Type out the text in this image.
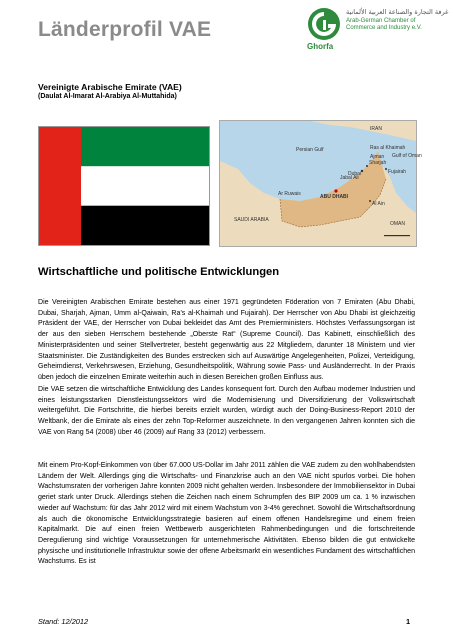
Länderprofil VAE
Ghorfa
غرفة التجارة والصناعة العربية الألمانية
Arab-German Chamber of Commerce and Industry e.V.
Vereinigte Arabische Emirate (VAE)
(Daulat Al-Imarat Al-Arabiya Al-Muttahida)
Persian Gulf
IRAN
ABU DHABI
Dubai
Sharjah
Ajman
Ras al Khaimah
Fujairah
Gulf of Oman
Al Ain
Jabal Ali
Ar Ruwais
SAUDI ARABIA
OMAN
Wirtschaftliche und politische Entwicklungen

Die Vereinigten Arabischen Emirate bestehen aus einer 1971 gegründeten Föderation von 7 Emiraten (Abu Dhabi, Dubai, Sharjah, Ajman, Umm al-Qaiwain, Ra's al-Khaimah und Fujairah). Der Herrscher von Abu Dhabi ist gleichzeitig Präsident der VAE, der Herrscher von Dubai bekleidet das Amt des Premierministers. Höchstes Verfassungsorgan ist der aus den sieben Herrschern bestehende „Oberste Rat“ (Supreme Council). Das Kabinett, einschließlich des Ministerpräsidenten und seiner Stellvertreter, besteht gegenwärtig aus 22 Mitgliedern, darunter 18 Ministern und vier Staatsminister. Die Zuständigkeiten des Bundes erstrecken sich auf Auswärtige Angelegenheiten, Polizei, Verteidigung, Geheimdienst, Verkehrswesen, Erziehung, Gesundheitspolitik, Währung sowie Pass- und Ausländerrecht. In der Praxis üben jedoch die einzelnen Emirate weiterhin auch in diesen Bereichen großen Einfluss aus.

Die VAE setzen die wirtschaftliche Entwicklung des Landes konsequent fort. Durch den Aufbau moderner Industrien und eines leistungsstarken Dienstleistungssektors wird die Modernisierung und Diversifizierung der Volkswirtschaft weitergeführt. Die Fortschritte, die hierbei bereits erzielt wurden, würdigt auch der Doing-Business-Report 2010 der Weltbank, der die Emirate als eines der zehn Top-Reformer auszeichnete. In den vergangenen Jahren konnten sich die VAE von Rang 54 (2008) über 46 (2009) auf Rang 33 (2012) verbessern.

Mit einem Pro-Kopf-Einkommen von über 67.000 US-Dollar im Jahr 2011 zählen die VAE zudem zu den wohlhabendsten Ländern der Welt. Allerdings ging die Wirtschafts- und Finanzkrise auch an den VAE nicht spurlos vorbei. Die hohen Wachstumsraten der vorherigen Jahre konnten 2009 nicht gehalten werden. Insbesondere der Immobiliensektor in Dubai geriet stark unter Druck. Allerdings stehen die Zeichen nach einem Schrumpfen des BIP 2009 um ca. 1 % inzwischen wieder auf Wachstum: für das Jahr 2012 wird mit einem Wachstum von 3-4% gerechnet. Sowohl die Wirtschaftsordnung als auch die ökonomische Entwicklungsstrategie basieren auf einem offenen Handelsregime und einem freien Kapitalmarkt. Die auf einen freien Wettbewerb ausgerichteten Rahmenbedingungen und die fortschreitende Deregulierung sind wichtige Voraussetzungen für unternehmerische Aktivitäten. Ebenso bilden die gut entwickelte physische und institutionelle Infrastruktur sowie der offene Arbeitsmarkt ein wesentliches Fundament des wirtschaftlichen Wachstums. Es ist

Stand: 12/2012	1
